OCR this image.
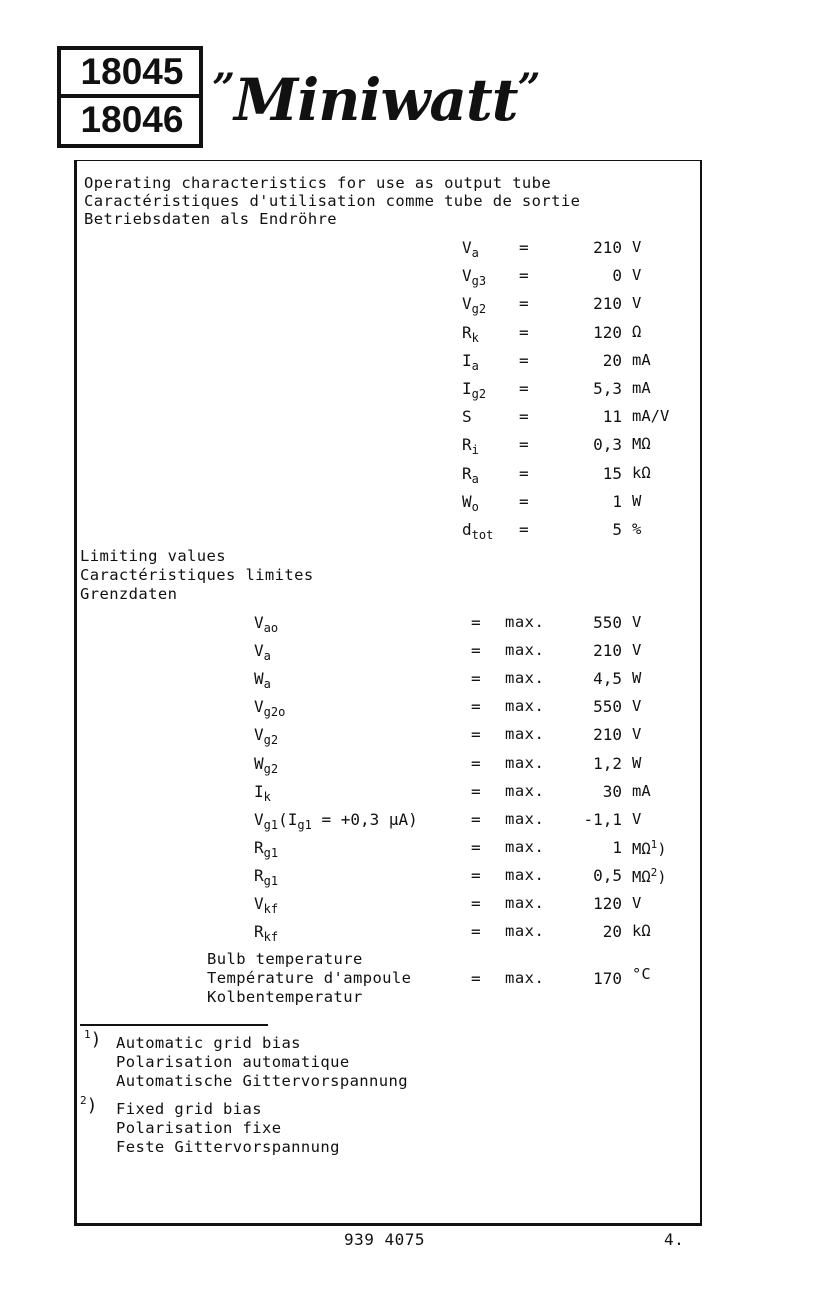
18045
18046
”Miniwatt”
Operating characteristics for use as output tube
Caractéristiques d'utilisation comme tube de sortie
Betriebsdaten als Endröhre
$V_a$	=	210 V
$V_{g3}$ =	0 V
$V_{g2}$ =	210 V
$R_k$	=	120 Ω
$I_a$	=	20 mA
$I_{g2}$ =	5,3 mA
S	=	11 mA/V
$R_i$	=	0,3 MΩ
$R_a$	=	15 kΩ
$W_o$	=	1 W
$d_{tot}$ =	5 %
Limiting values
Caractéristiques limites
Grenzdaten
$V_{ao}$	= max.	550 V
$V_a$	= max.	210 V
$W_a$	= max.	4,5 W
$V_{g2o}$	= max.	550 V
$V_{g2}$	= max.	210 V
$W_{g2}$	= max.	1,2 W
$I_k$	= max.	30 mA
$V_{g1}(I_{g1} = +0,3$ μA)	= max.	-1,1 V
$R_{g1}$	= max.	1 $M\Omega^1$)
$R_{g1}$	= max.	0,5 $M\Omega^2$)
$V_{kf}$	= max.	120 V
$R_{kf}$	= max.	20 kΩ
Bulb temperature
Température d'ampoule
Kolbentemperatur
= max.	170 °C
$^1$) Automatic grid bias
Polarisation automatique
Automatische Gittervorspannung
$^2$) Fixed grid bias
Polarisation fixe
Feste Gittervorspannung
939 4075	4.
